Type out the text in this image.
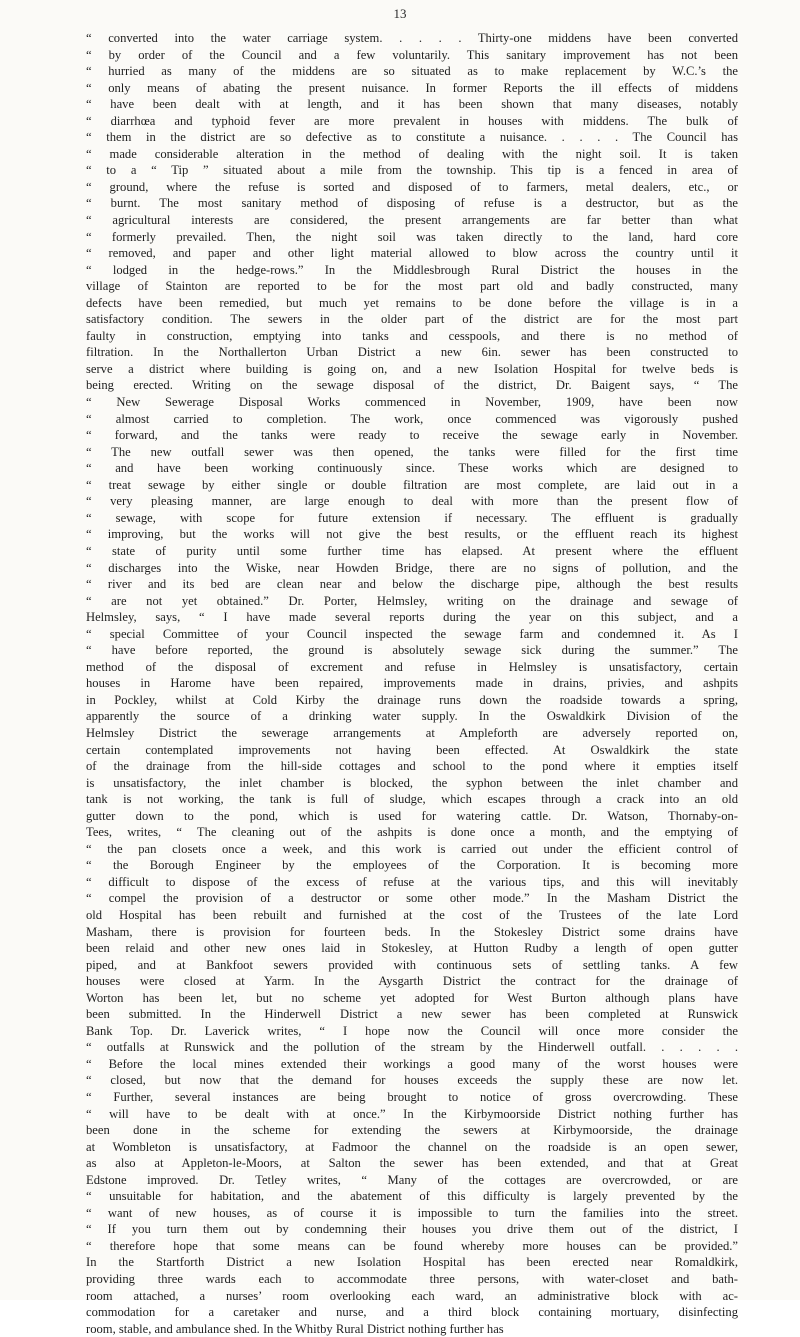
13
“ converted into the water carriage system. . . . . Thirty-one middens have been converted
“ by order of the Council and a few voluntarily. This sanitary improvement has not been
“ hurried as many of the middens are so situated as to make replacement by W.C.’s the
“ only means of abating the present nuisance. In former Reports the ill effects of middens
“ have been dealt with at length, and it has been shown that many diseases, notably
“ diarrhœa and typhoid fever are more prevalent in houses with middens. The bulk of
“ them in the district are so defective as to constitute a nuisance. . . . . The Council has
“ made considerable alteration in the method of dealing with the night soil. It is taken
“ to a “ Tip ” situated about a mile from the township. This tip is a fenced in area of
“ ground, where the refuse is sorted and disposed of to farmers, metal dealers, etc., or
“ burnt. The most sanitary method of disposing of refuse is a destructor, but as the
“ agricultural interests are considered, the present arrangements are far better than what
“ formerly prevailed. Then, the night soil was taken directly to the land, hard core
“ removed, and paper and other light material allowed to blow across the country until it
“ lodged in the hedge-rows.” In the Middlesbrough Rural District the houses in the
village of Stainton are reported to be for the most part old and badly constructed, many
defects have been remedied, but much yet remains to be done before the village is in a
satisfactory condition. The sewers in the older part of the district are for the most part
faulty in construction, emptying into tanks and cesspools, and there is no method of
filtration. In the Northallerton Urban District a new 6in. sewer has been constructed to
serve a district where building is going on, and a new Isolation Hospital for twelve beds is
being erected. Writing on the sewage disposal of the district, Dr. Baigent says, “ The
“ New Sewerage Disposal Works commenced in November, 1909, have been now
“ almost carried to completion. The work, once commenced was vigorously pushed
“ forward, and the tanks were ready to receive the sewage early in November.
“ The new outfall sewer was then opened, the tanks were filled for the first time
“ and have been working continuously since. These works which are designed to
“ treat sewage by either single or double filtration are most complete, are laid out in a
“ very pleasing manner, are large enough to deal with more than the present flow of
“ sewage, with scope for future extension if necessary. The effluent is gradually
“ improving, but the works will not give the best results, or the effluent reach its highest
“ state of purity until some further time has elapsed. At present where the effluent
“ discharges into the Wiske, near Howden Bridge, there are no signs of pollution, and the
“ river and its bed are clean near and below the discharge pipe, although the best results
“ are not yet obtained.” Dr. Porter, Helmsley, writing on the drainage and sewage of
Helmsley, says, “ I have made several reports during the year on this subject, and a
“ special Committee of your Council inspected the sewage farm and condemned it. As I
“ have before reported, the ground is absolutely sewage sick during the summer.” The
method of the disposal of excrement and refuse in Helmsley is unsatisfactory, certain
houses in Harome have been repaired, improvements made in drains, privies, and ashpits
in Pockley, whilst at Cold Kirby the drainage runs down the roadside towards a spring,
apparently the source of a drinking water supply. In the Oswaldkirk Division of the
Helmsley District the sewerage arrangements at Ampleforth are adversely reported on,
certain contemplated improvements not having been effected. At Oswaldkirk the state
of the drainage from the hill-side cottages and school to the pond where it empties itself
is unsatisfactory, the inlet chamber is blocked, the syphon between the inlet chamber and
tank is not working, the tank is full of sludge, which escapes through a crack into an old
gutter down to the pond, which is used for watering cattle. Dr. Watson, Thornaby-on-
Tees, writes, “ The cleaning out of the ashpits is done once a month, and the emptying of
“ the pan closets once a week, and this work is carried out under the efficient control of
“ the Borough Engineer by the employees of the Corporation. It is becoming more
“ difficult to dispose of the excess of refuse at the various tips, and this will inevitably
“ compel the provision of a destructor or some other mode.” In the Masham District the
old Hospital has been rebuilt and furnished at the cost of the Trustees of the late Lord
Masham, there is provision for fourteen beds. In the Stokesley District some drains have
been relaid and other new ones laid in Stokesley, at Hutton Rudby a length of open gutter
piped, and at Bankfoot sewers provided with continuous sets of settling tanks. A few
houses were closed at Yarm. In the Aysgarth District the contract for the drainage of
Worton has been let, but no scheme yet adopted for West Burton although plans have
been submitted. In the Hinderwell District a new sewer has been completed at Runswick
Bank Top. Dr. Laverick writes, “ I hope now the Council will once more consider the
“ outfalls at Runswick and the pollution of the stream by the Hinderwell outfall. . . . . .
“ Before the local mines extended their workings a good many of the worst houses were
“ closed, but now that the demand for houses exceeds the supply these are now let.
“ Further, several instances are being brought to notice of gross overcrowding. These
“ will have to be dealt with at once.” In the Kirbymoorside District nothing further has
been done in the scheme for extending the sewers at Kirbymoorside, the drainage
at Wombleton is unsatisfactory, at Fadmoor the channel on the roadside is an open sewer,
as also at Appleton-le-Moors, at Salton the sewer has been extended, and that at Great
Edstone improved. Dr. Tetley writes, “ Many of the cottages are overcrowded, or are
“ unsuitable for habitation, and the abatement of this difficulty is largely prevented by the
“ want of new houses, as of course it is impossible to turn the families into the street.
“ If you turn them out by condemning their houses you drive them out of the district, I
“ therefore hope that some means can be found whereby more houses can be provided.”
In the Startforth District a new Isolation Hospital has been erected near Romaldkirk,
providing three wards each to accommodate three persons, with water-closet and bath-
room attached, a nurses’ room overlooking each ward, an administrative block with ac-
commodation for a caretaker and nurse, and a third block containing mortuary, disinfecting
room, stable, and ambulance shed. In the Whitby Rural District nothing further has
